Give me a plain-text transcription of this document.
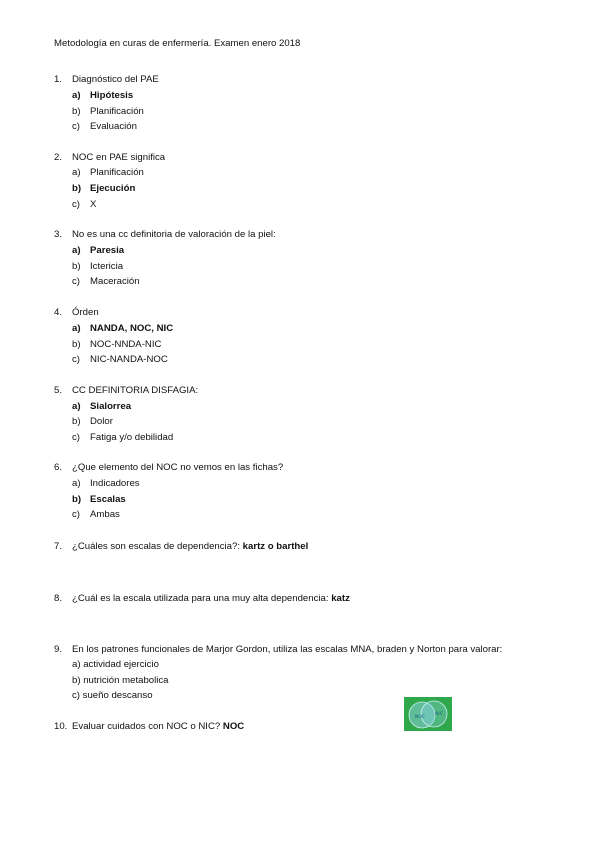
Metodología en curas de enfermería. Examen enero 2018
1.	Diagnóstico del PAE
a) Hipótesis
b) Planificación
c) Evaluación
2.	NOC en PAE significa
a) Planificación
b) Ejecución
c) X
3.	No es una cc definitoria de valoración de la piel:
a) Paresia
b) Ictericia
c) Maceración
4.	Órden
a) NANDA, NOC, NIC
b) NOC-NNDA-NIC
c) NIC-NANDA-NOC
5.	CC DEFINITORIA DISFAGIA:
a) Sialorrea
b) Dolor
c) Fatiga y/o debilidad
6.	¿Que elemento del NOC no vemos en las fichas?
a) Indicadores
b) Escalas
c) Ambas
7.	¿Cuáles son escalas de dependencia?: kartz o barthel
8.	¿Cuál es la escala utilizada para una muy alta dependencia: katz
9.	En los patrones funcionales de Marjor Gordon, utiliza las escalas MNA, braden y Norton para valorar:
a) actividad ejercicio
b) nutrición metabolica
c) sueño descanso
10. Evaluar cuidados con NOC o NIC? NOC
NOC
NIC
